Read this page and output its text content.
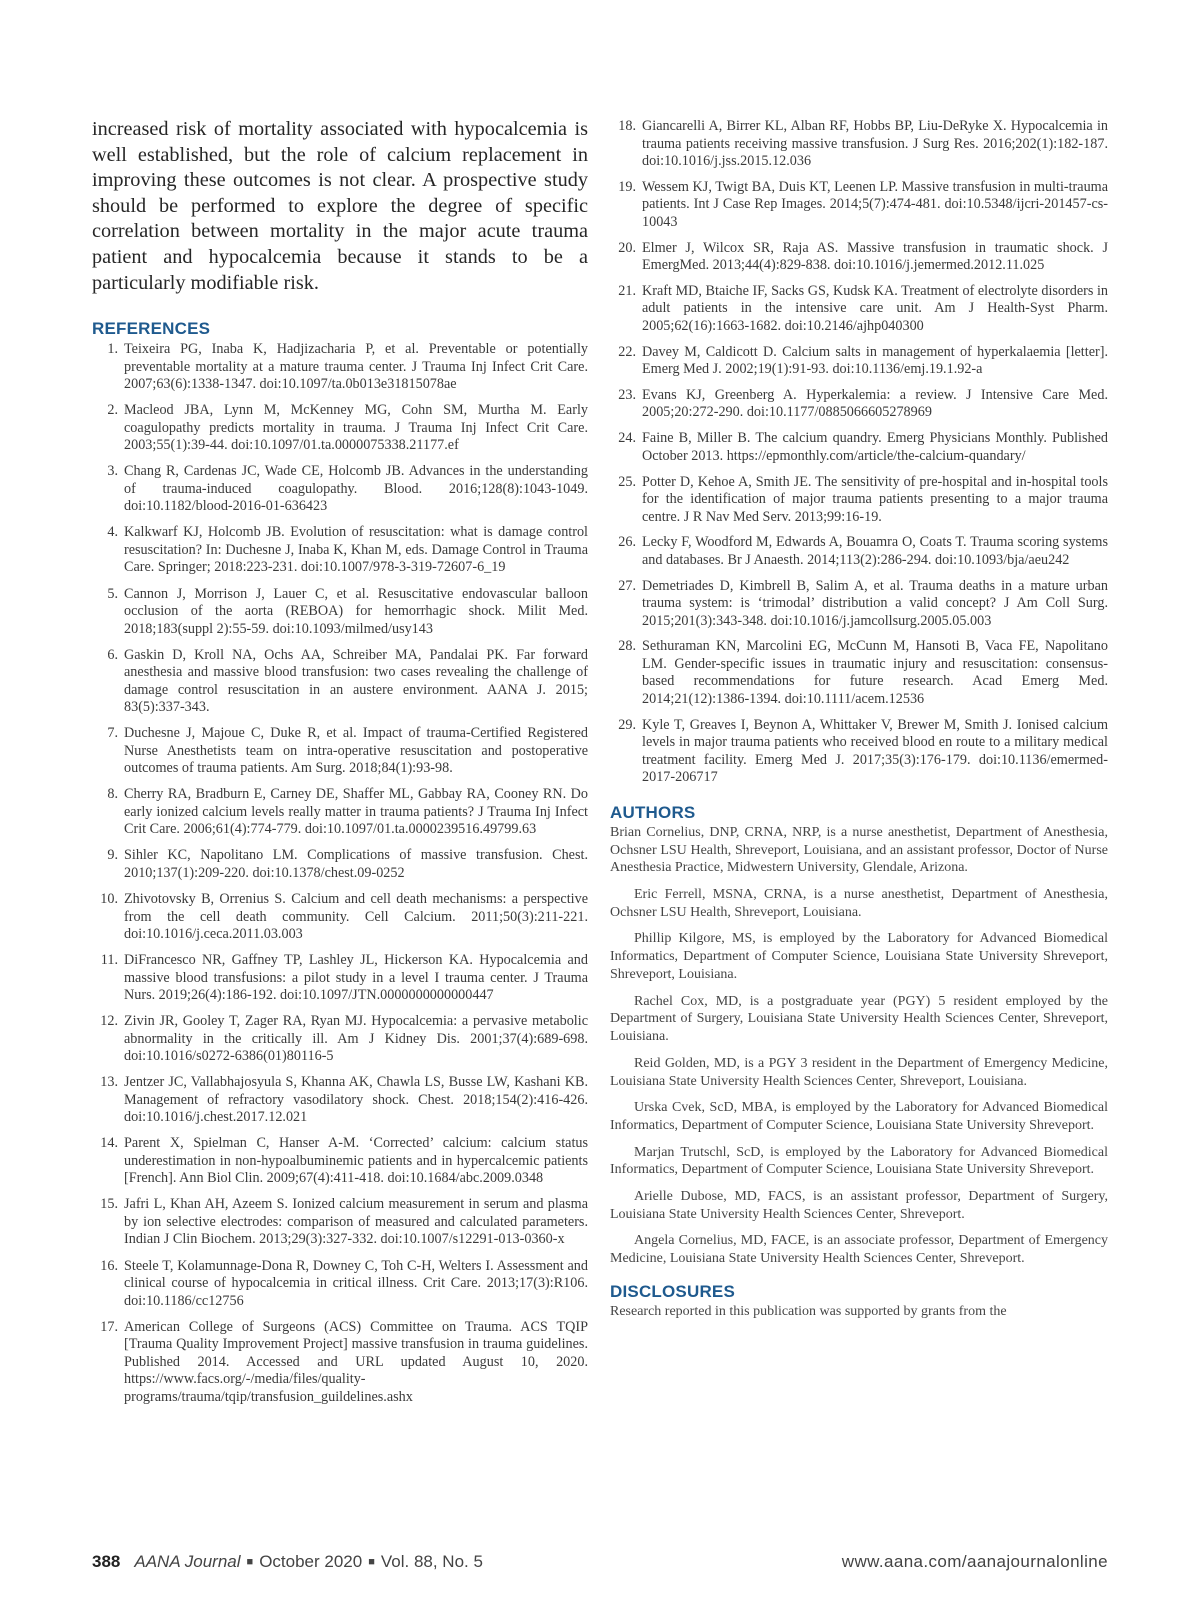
increased risk of mortality associated with hypocalcemia is well established, but the role of calcium replacement in improving these outcomes is not clear. A prospective study should be performed to explore the degree of specific correlation between mortality in the major acute trauma patient and hypocalcemia because it stands to be a particularly modifiable risk.

REFERENCES
1. Teixeira PG, Inaba K, Hadjizacharia P, et al. Preventable or potentially preventable mortality at a mature trauma center. J Trauma Inj Infect Crit Care. 2007;63(6):1338-1347. doi:10.1097/ta.0b013e31815078ae
2. Macleod JBA, Lynn M, McKenney MG, Cohn SM, Murtha M. Early coagulopathy predicts mortality in trauma. J Trauma Inj Infect Crit Care. 2003;55(1):39-44. doi:10.1097/01.ta.0000075338.21177.ef
3. Chang R, Cardenas JC, Wade CE, Holcomb JB. Advances in the understanding of trauma-induced coagulopathy. Blood. 2016;128(8):1043-1049. doi:10.1182/blood-2016-01-636423
4. Kalkwarf KJ, Holcomb JB. Evolution of resuscitation: what is damage control resuscitation? In: Duchesne J, Inaba K, Khan M, eds. Damage Control in Trauma Care. Springer; 2018:223-231. doi:10.1007/978-3-319-72607-6_19
5. Cannon J, Morrison J, Lauer C, et al. Resuscitative endovascular balloon occlusion of the aorta (REBOA) for hemorrhagic shock. Milit Med. 2018;183(suppl 2):55-59. doi:10.1093/milmed/usy143
6. Gaskin D, Kroll NA, Ochs AA, Schreiber MA, Pandalai PK. Far forward anesthesia and massive blood transfusion: two cases revealing the challenge of damage control resuscitation in an austere environment. AANA J. 2015; 83(5):337-343.
7. Duchesne J, Majoue C, Duke R, et al. Impact of trauma-Certified Registered Nurse Anesthetists team on intra-operative resuscitation and postoperative outcomes of trauma patients. Am Surg. 2018;84(1):93-98.
8. Cherry RA, Bradburn E, Carney DE, Shaffer ML, Gabbay RA, Cooney RN. Do early ionized calcium levels really matter in trauma patients? J Trauma Inj Infect Crit Care. 2006;61(4):774-779. doi:10.1097/01.ta.0000239516.49799.63
9. Sihler KC, Napolitano LM. Complications of massive transfusion. Chest. 2010;137(1):209-220. doi:10.1378/chest.09-0252
10. Zhivotovsky B, Orrenius S. Calcium and cell death mechanisms: a perspective from the cell death community. Cell Calcium. 2011;50(3):211-221. doi:10.1016/j.ceca.2011.03.003
11. DiFrancesco NR, Gaffney TP, Lashley JL, Hickerson KA. Hypocalcemia and massive blood transfusions: a pilot study in a level I trauma center. J Trauma Nurs. 2019;26(4):186-192. doi:10.1097/JTN.0000000000000447
12. Zivin JR, Gooley T, Zager RA, Ryan MJ. Hypocalcemia: a pervasive metabolic abnormality in the critically ill. Am J Kidney Dis. 2001;37(4):689-698. doi:10.1016/s0272-6386(01)80116-5
13. Jentzer JC, Vallabhajosyula S, Khanna AK, Chawla LS, Busse LW, Kashani KB. Management of refractory vasodilatory shock. Chest. 2018;154(2):416-426. doi:10.1016/j.chest.2017.12.021
14. Parent X, Spielman C, Hanser A-M. ‘Corrected’ calcium: calcium status underestimation in non-hypoalbuminemic patients and in hypercalcemic patients [French]. Ann Biol Clin. 2009;67(4):411-418. doi:10.1684/abc.2009.0348
15. Jafri L, Khan AH, Azeem S. Ionized calcium measurement in serum and plasma by ion selective electrodes: comparison of measured and calculated parameters. Indian J Clin Biochem. 2013;29(3):327-332. doi:10.1007/s12291-013-0360-x
16. Steele T, Kolamunnage-Dona R, Downey C, Toh C-H, Welters I. Assessment and clinical course of hypocalcemia in critical illness. Crit Care. 2013;17(3):R106. doi:10.1186/cc12756
17. American College of Surgeons (ACS) Committee on Trauma. ACS TQIP [Trauma Quality Improvement Project] massive transfusion in trauma guidelines. Published 2014. Accessed and URL updated August 10, 2020. https://www.facs.org/-/media/files/quality-programs/trauma/tqip/transfusion_guildelines.ashx
18. Giancarelli A, Birrer KL, Alban RF, Hobbs BP, Liu-DeRyke X. Hypocalcemia in trauma patients receiving massive transfusion. J Surg Res. 2016;202(1):182-187. doi:10.1016/j.jss.2015.12.036
19. Wessem KJ, Twigt BA, Duis KT, Leenen LP. Massive transfusion in multi-trauma patients. Int J Case Rep Images. 2014;5(7):474-481. doi:10.5348/ijcri-201457-cs-10043
20. Elmer J, Wilcox SR, Raja AS. Massive transfusion in traumatic shock. J EmergMed. 2013;44(4):829-838. doi:10.1016/j.jemermed.2012.11.025
21. Kraft MD, Btaiche IF, Sacks GS, Kudsk KA. Treatment of electrolyte disorders in adult patients in the intensive care unit. Am J Health-Syst Pharm. 2005;62(16):1663-1682. doi:10.2146/ajhp040300
22. Davey M, Caldicott D. Calcium salts in management of hyperkalaemia [letter]. Emerg Med J. 2002;19(1):91-93. doi:10.1136/emj.19.1.92-a
23. Evans KJ, Greenberg A. Hyperkalemia: a review. J Intensive Care Med. 2005;20:272-290. doi:10.1177/0885066605278969
24. Faine B, Miller B. The calcium quandry. Emerg Physicians Monthly. Published October 2013. https://epmonthly.com/article/the-calcium-quandary/
25. Potter D, Kehoe A, Smith JE. The sensitivity of pre-hospital and in-hospital tools for the identification of major trauma patients presenting to a major trauma centre. J R Nav Med Serv. 2013;99:16-19.
26. Lecky F, Woodford M, Edwards A, Bouamra O, Coats T. Trauma scoring systems and databases. Br J Anaesth. 2014;113(2):286-294. doi:10.1093/bja/aeu242
27. Demetriades D, Kimbrell B, Salim A, et al. Trauma deaths in a mature urban trauma system: is ‘trimodal’ distribution a valid concept? J Am Coll Surg. 2015;201(3):343-348. doi:10.1016/j.jamcollsurg.2005.05.003
28. Sethuraman KN, Marcolini EG, McCunn M, Hansoti B, Vaca FE, Napolitano LM. Gender-specific issues in traumatic injury and resuscitation: consensus-based recommendations for future research. Acad Emerg Med. 2014;21(12):1386-1394. doi:10.1111/acem.12536
29. Kyle T, Greaves I, Beynon A, Whittaker V, Brewer M, Smith J. Ionised calcium levels in major trauma patients who received blood en route to a military medical treatment facility. Emerg Med J. 2017;35(3):176-179. doi:10.1136/emermed-2017-206717
AUTHORS

Brian Cornelius, DNP, CRNA, NRP, is a nurse anesthetist, Department of Anesthesia, Ochsner LSU Health, Shreveport, Louisiana, and an assistant professor, Doctor of Nurse Anesthesia Practice, Midwestern University, Glendale, Arizona.

Eric Ferrell, MSNA, CRNA, is a nurse anesthetist, Department of Anesthesia, Ochsner LSU Health, Shreveport, Louisiana.

Phillip Kilgore, MS, is employed by the Laboratory for Advanced Biomedical Informatics, Department of Computer Science, Louisiana State University Shreveport, Shreveport, Louisiana.

Rachel Cox, MD, is a postgraduate year (PGY) 5 resident employed by the Department of Surgery, Louisiana State University Health Sciences Center, Shreveport, Louisiana.

Reid Golden, MD, is a PGY 3 resident in the Department of Emergency Medicine, Louisiana State University Health Sciences Center, Shreveport, Louisiana.

Urska Cvek, ScD, MBA, is employed by the Laboratory for Advanced Biomedical Informatics, Department of Computer Science, Louisiana State University Shreveport.

Marjan Trutschl, ScD, is employed by the Laboratory for Advanced Biomedical Informatics, Department of Computer Science, Louisiana State University Shreveport.

Arielle Dubose, MD, FACS, is an assistant professor, Department of Surgery, Louisiana State University Health Sciences Center, Shreveport.

Angela Cornelius, MD, FACE, is an associate professor, Department of Emergency Medicine, Louisiana State University Health Sciences Center, Shreveport.

DISCLOSURES

Research reported in this publication was supported by grants from the

388 AANA Journal ■ October 2020 ■ Vol. 88, No. 5	www.aana.com/aanajournalonline
